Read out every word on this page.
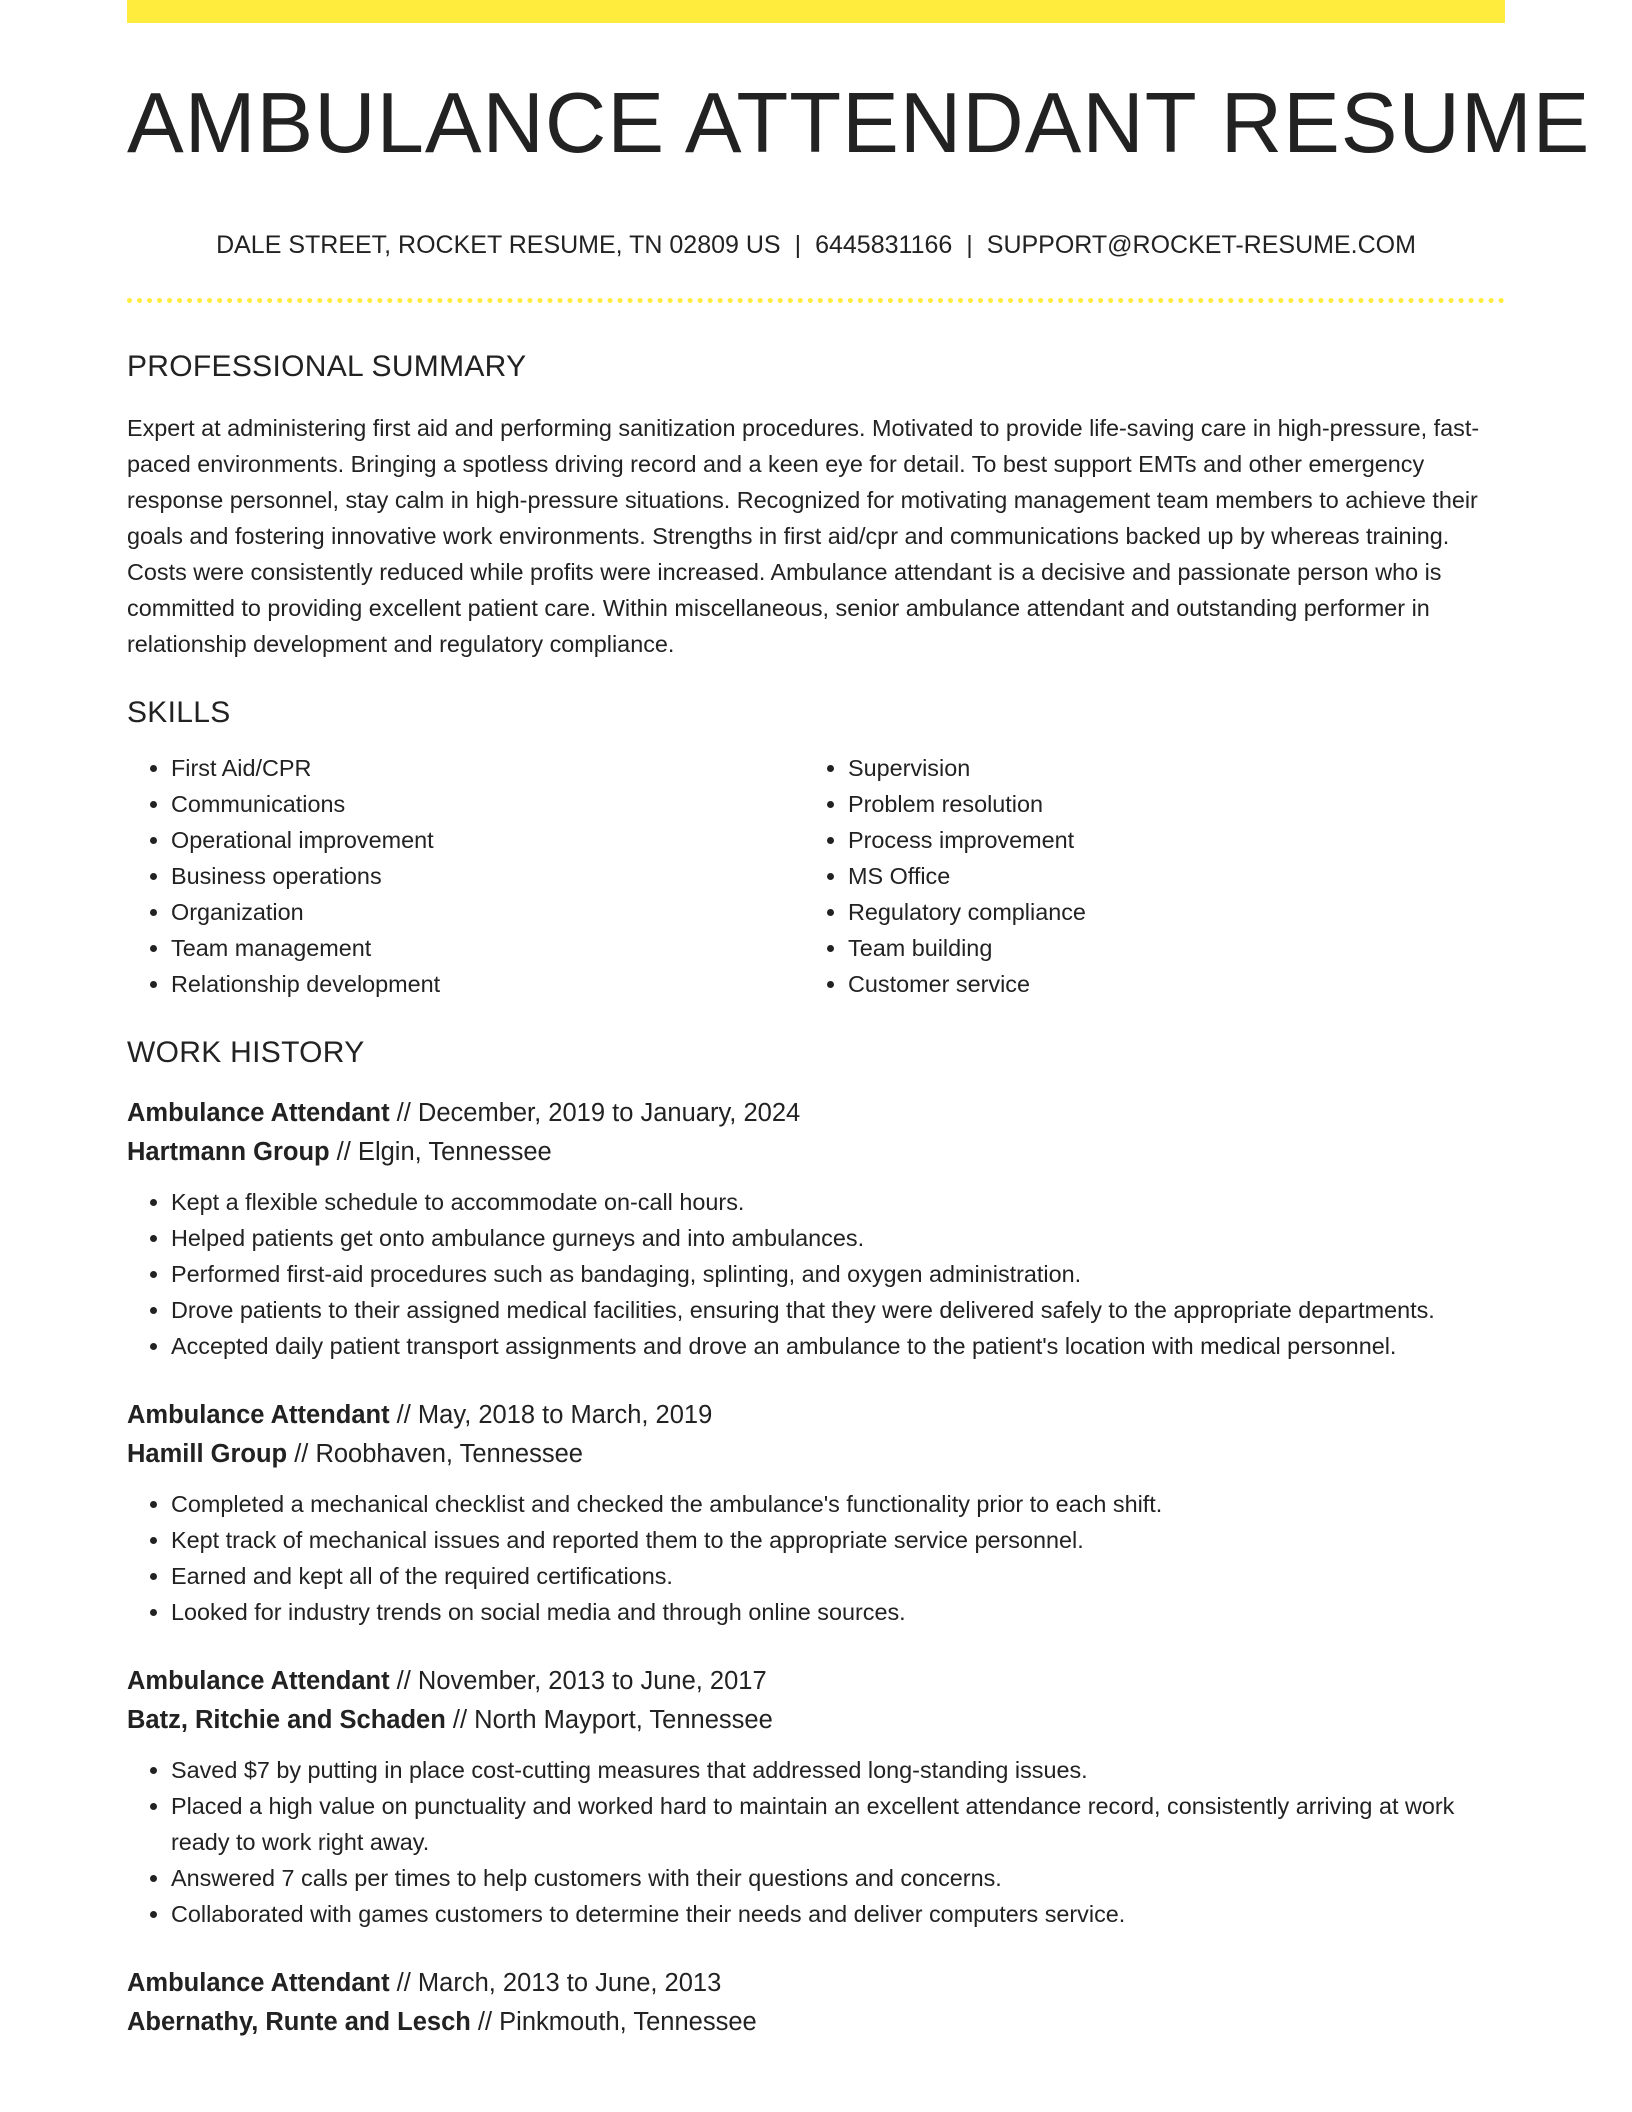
AMBULANCE ATTENDANT RESUME
DALE STREET, ROCKET RESUME, TN 02809 US | 6445831166 | SUPPORT@ROCKET-RESUME.COM
PROFESSIONAL SUMMARY

Expert at administering first aid and performing sanitization procedures. Motivated to provide life-saving care in high-pressure, fast-paced environments. Bringing a spotless driving record and a keen eye for detail. To best support EMTs and other emergency response personnel, stay calm in high-pressure situations. Recognized for motivating management team members to achieve their goals and fostering innovative work environments. Strengths in first aid/cpr and communications backed up by whereas training. Costs were consistently reduced while profits were increased. Ambulance attendant is a decisive and passionate person who is committed to providing excellent patient care. Within miscellaneous, senior ambulance attendant and outstanding performer in relationship development and regulatory compliance.

SKILLS
• First Aid/CPR
• Communications
• Operational improvement
• Business operations
• Organization
• Team management
• Relationship development
• Supervision
• Problem resolution
• Process improvement
• MS Office
• Regulatory compliance
• Team building
• Customer service
WORK HISTORY
Ambulance Attendant // December, 2019 to January, 2024
Hartmann Group // Elgin, Tennessee
• Kept a flexible schedule to accommodate on-call hours.
• Helped patients get onto ambulance gurneys and into ambulances.
• Performed first-aid procedures such as bandaging, splinting, and oxygen administration.
• Drove patients to their assigned medical facilities, ensuring that they were delivered safely to the appropriate departments.
• Accepted daily patient transport assignments and drove an ambulance to the patient's location with medical personnel.
Ambulance Attendant // May, 2018 to March, 2019
Hamill Group // Roobhaven, Tennessee
• Completed a mechanical checklist and checked the ambulance's functionality prior to each shift.
• Kept track of mechanical issues and reported them to the appropriate service personnel.
• Earned and kept all of the required certifications.
• Looked for industry trends on social media and through online sources.
Ambulance Attendant // November, 2013 to June, 2017
Batz, Ritchie and Schaden // North Mayport, Tennessee
• Saved $7 by putting in place cost-cutting measures that addressed long-standing issues.
• Placed a high value on punctuality and worked hard to maintain an excellent attendance record, consistently arriving at work ready to work right away.
• Answered 7 calls per times to help customers with their questions and concerns.
• Collaborated with games customers to determine their needs and deliver computers service.
Ambulance Attendant // March, 2013 to June, 2013
Abernathy, Runte and Lesch // Pinkmouth, Tennessee
